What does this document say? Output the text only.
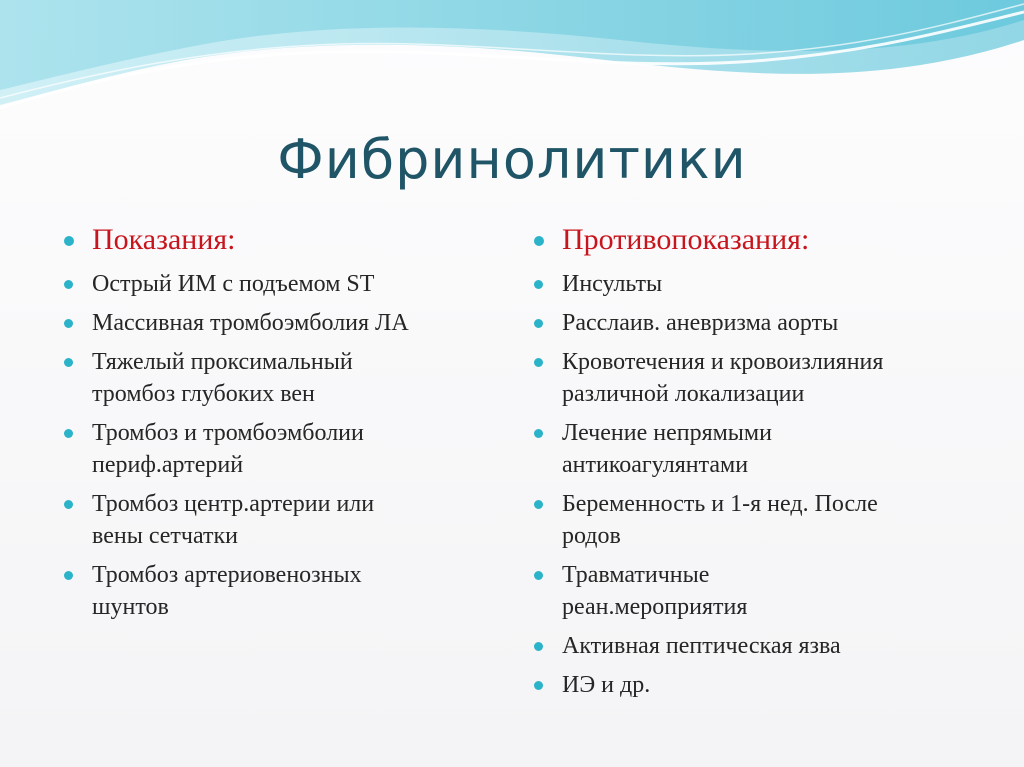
Фибринолитики
Показания:
Острый ИМ с подъемом ST
Массивная тромбоэмболия ЛА
Тяжелый проксимальный
тромбоз глубоких вен
Тромбоз и тромбоэмболии
периф.артерий
Тромбоз центр.артерии или
вены сетчатки
Тромбоз артериовенозных
шунтов
Противопоказания:
Инсульты
Расслаив. аневризма аорты
Кровотечения и кровоизлияния
различной локализации
Лечение непрямыми
антикоагулянтами
Беременность и 1-я нед. После
родов
Травматичные
реан.мероприятия
Активная пептическая язва
ИЭ и др.
